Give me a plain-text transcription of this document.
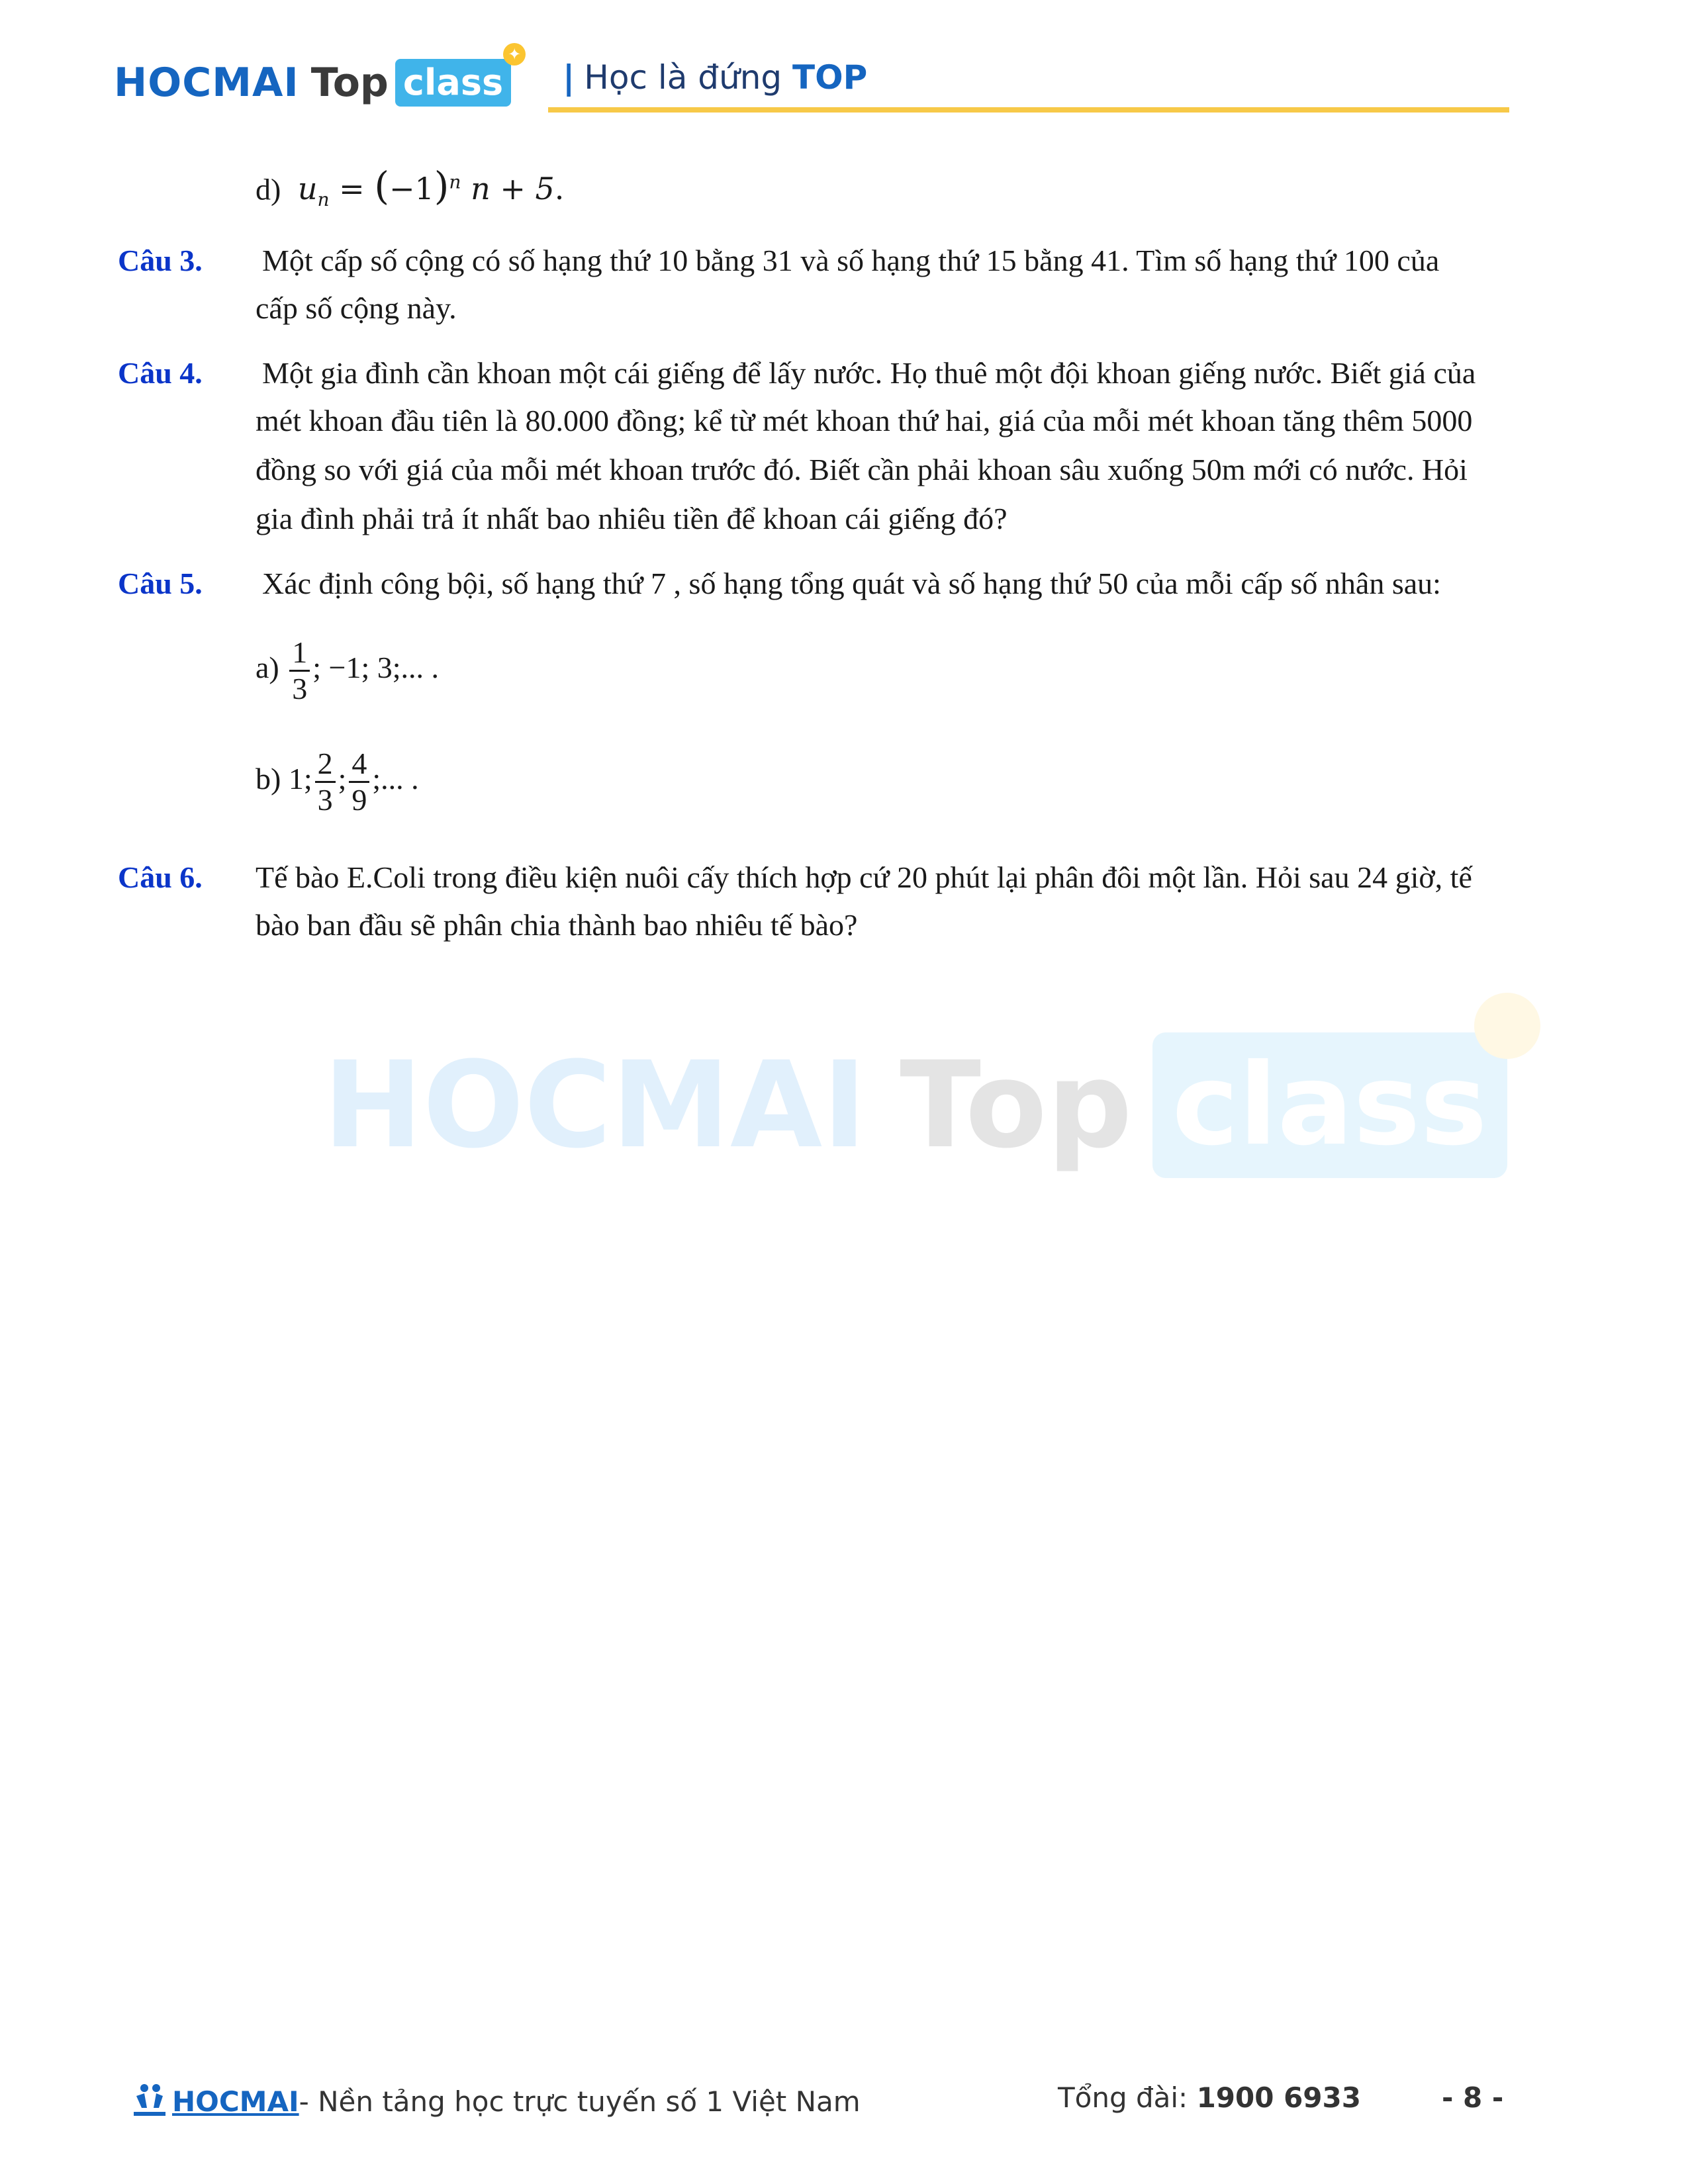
HOCMAI Top class
✦
| Học là đứng TOP
d) $u_n = (-1)^n$ n + 5.
Câu 3. Một cấp số cộng có số hạng thứ 10 bằng 31 và số hạng thứ 15 bằng 41. Tìm số hạng thứ 100 của
cấp số cộng này.
Câu 4. Một gia đình cần khoan một cái giếng để lấy nước. Họ thuê một đội khoan giếng nước. Biết giá của
mét khoan đầu tiên là 80.000 đồng; kể từ mét khoan thứ hai, giá của mỗi mét khoan tăng thêm 5000
đồng so với giá của mỗi mét khoan trước đó. Biết cần phải khoan sâu xuống 50m mới có nước. Hỏi
gia đình phải trả ít nhất bao nhiêu tiền để khoan cái giếng đó?
Câu 5. Xác định công bội, số hạng thứ 7 , số hạng tổng quát và số hạng thứ 50 của mỗi cấp số nhân sau:
$a) \frac{1}{3}$ ; −1; 3;... .
b) 1; $\frac{2}{3}$ ; $\frac{4}{9}$ ;... .
Câu 6. Tế bào E.Coli trong điều kiện nuôi cấy thích hợp cứ 20 phút lại phân đôi một lần. Hỏi sau 24 giờ, tế
bào ban đầu sẽ phân chia thành bao nhiêu tế bào?
HOCMAI Top class
HOCMAI - Nền tảng học trực tuyến số 1 Việt Nam	Tổng đài: 1900 6933	- 8 -
